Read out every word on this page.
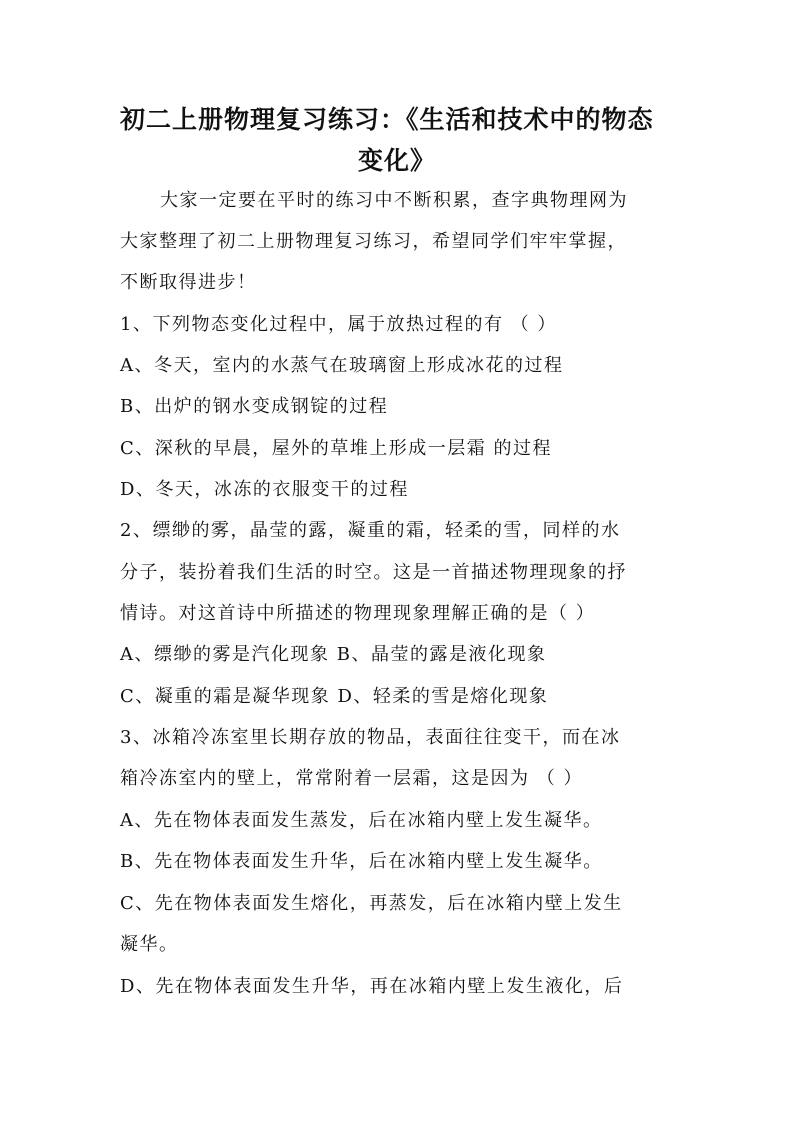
初二上册物理复习练习：《生活和技术中的物态
变化》

大家一定要在平时的练习中不断积累，查字典物理网为

大家整理了初二上册物理复习练习，希望同学们牢牢掌握，

不断取得进步！

1、下列物态变化过程中，属于放热过程的有 （ ）

A、冬天，室内的水蒸气在玻璃窗上形成冰花的过程

B、出炉的钢水变成钢锭的过程

C、深秋的早晨，屋外的草堆上形成一层霜 的过程

D、冬天，冰冻的衣服变干的过程

2、缥缈的雾，晶莹的露，凝重的霜，轻柔的雪，同样的水

分子，装扮着我们生活的时空。这是一首描述物理现象的抒

情诗。对这首诗中所描述的物理现象理解正确的是（ ）

A、缥缈的雾是汽化现象 B、晶莹的露是液化现象

C、凝重的霜是凝华现象 D、轻柔的雪是熔化现象

3、冰箱冷冻室里长期存放的物品，表面往往变干，而在冰

箱冷冻室内的壁上，常常附着一层霜，这是因为 （ ）

A、先在物体表面发生蒸发，后在冰箱内壁上发生凝华。

B、先在物体表面发生升华，后在冰箱内壁上发生凝华。

C、先在物体表面发生熔化，再蒸发，后在冰箱内壁上发生

凝华。

D、先在物体表面发生升华，再在冰箱内壁上发生液化，后
